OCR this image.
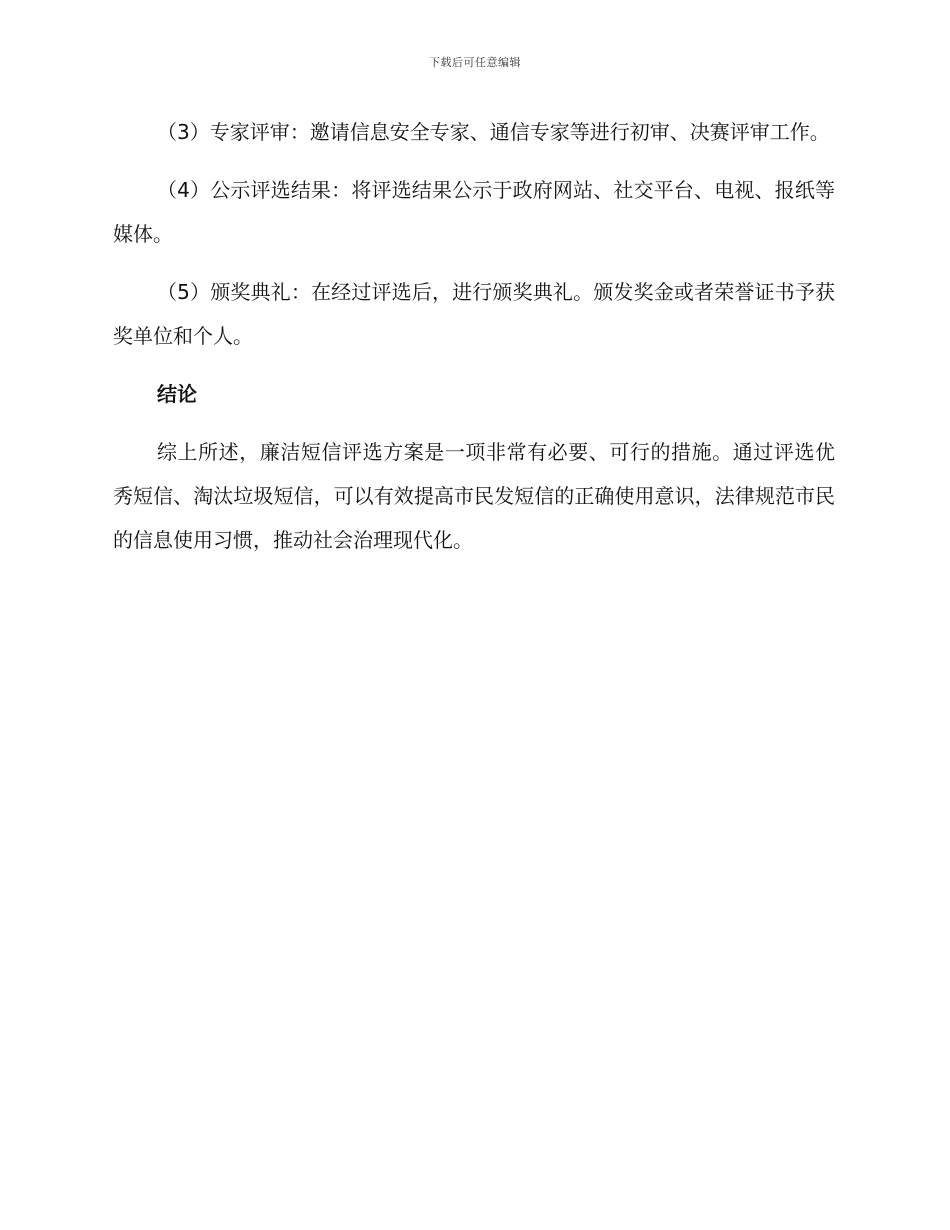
下载后可任意编辑

（3）专家评审：邀请信息安全专家、通信专家等进行初审、决赛评审工作。

（4）公示评选结果：将评选结果公示于政府网站、社交平台、电视、报纸等媒体。

（5）颁奖典礼：在经过评选后，进行颁奖典礼。颁发奖金或者荣誉证书予获奖单位和个人。

结论

综上所述，廉洁短信评选方案是一项非常有必要、可行的措施。通过评选优秀短信、淘汰垃圾短信，可以有效提高市民发短信的正确使用意识，法律规范市民的信息使用习惯，推动社会治理现代化。
